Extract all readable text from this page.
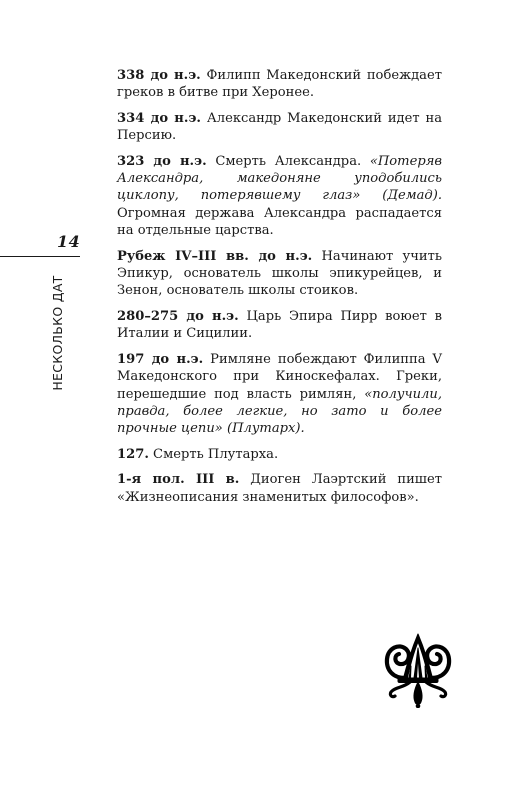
14
НЕСКОЛЬКО ДАТ

338 до н.э. Филипп Македонский побеждает греков в битве при Херонее.

334 до н.э. Александр Македонский идет на Персию.

323 до н.э. Смерть Александра. «Потеряв Александра, македоняне уподобились циклопу, потерявшему глаз» (Демад). Огромная держава Александра распадается на отдельные царства.

Рубеж IV–III вв. до н.э. Начинают учить Эпикур, основатель школы эпикурейцев, и Зенон, основатель школы стоиков.

280–275 до н.э. Царь Эпира Пирр воюет в Италии и Сицилии.

197 до н.э. Римляне побеждают Филиппа V Македонского при Киноскефалах. Греки, перешедшие под власть римлян, «получили, правда, более легкие, но зато и более прочные цепи» (Плутарх).

127. Смерть Плутарха.

1-я пол. III в. Диоген Лаэртский пишет «Жизнеописания знаменитых философов».
